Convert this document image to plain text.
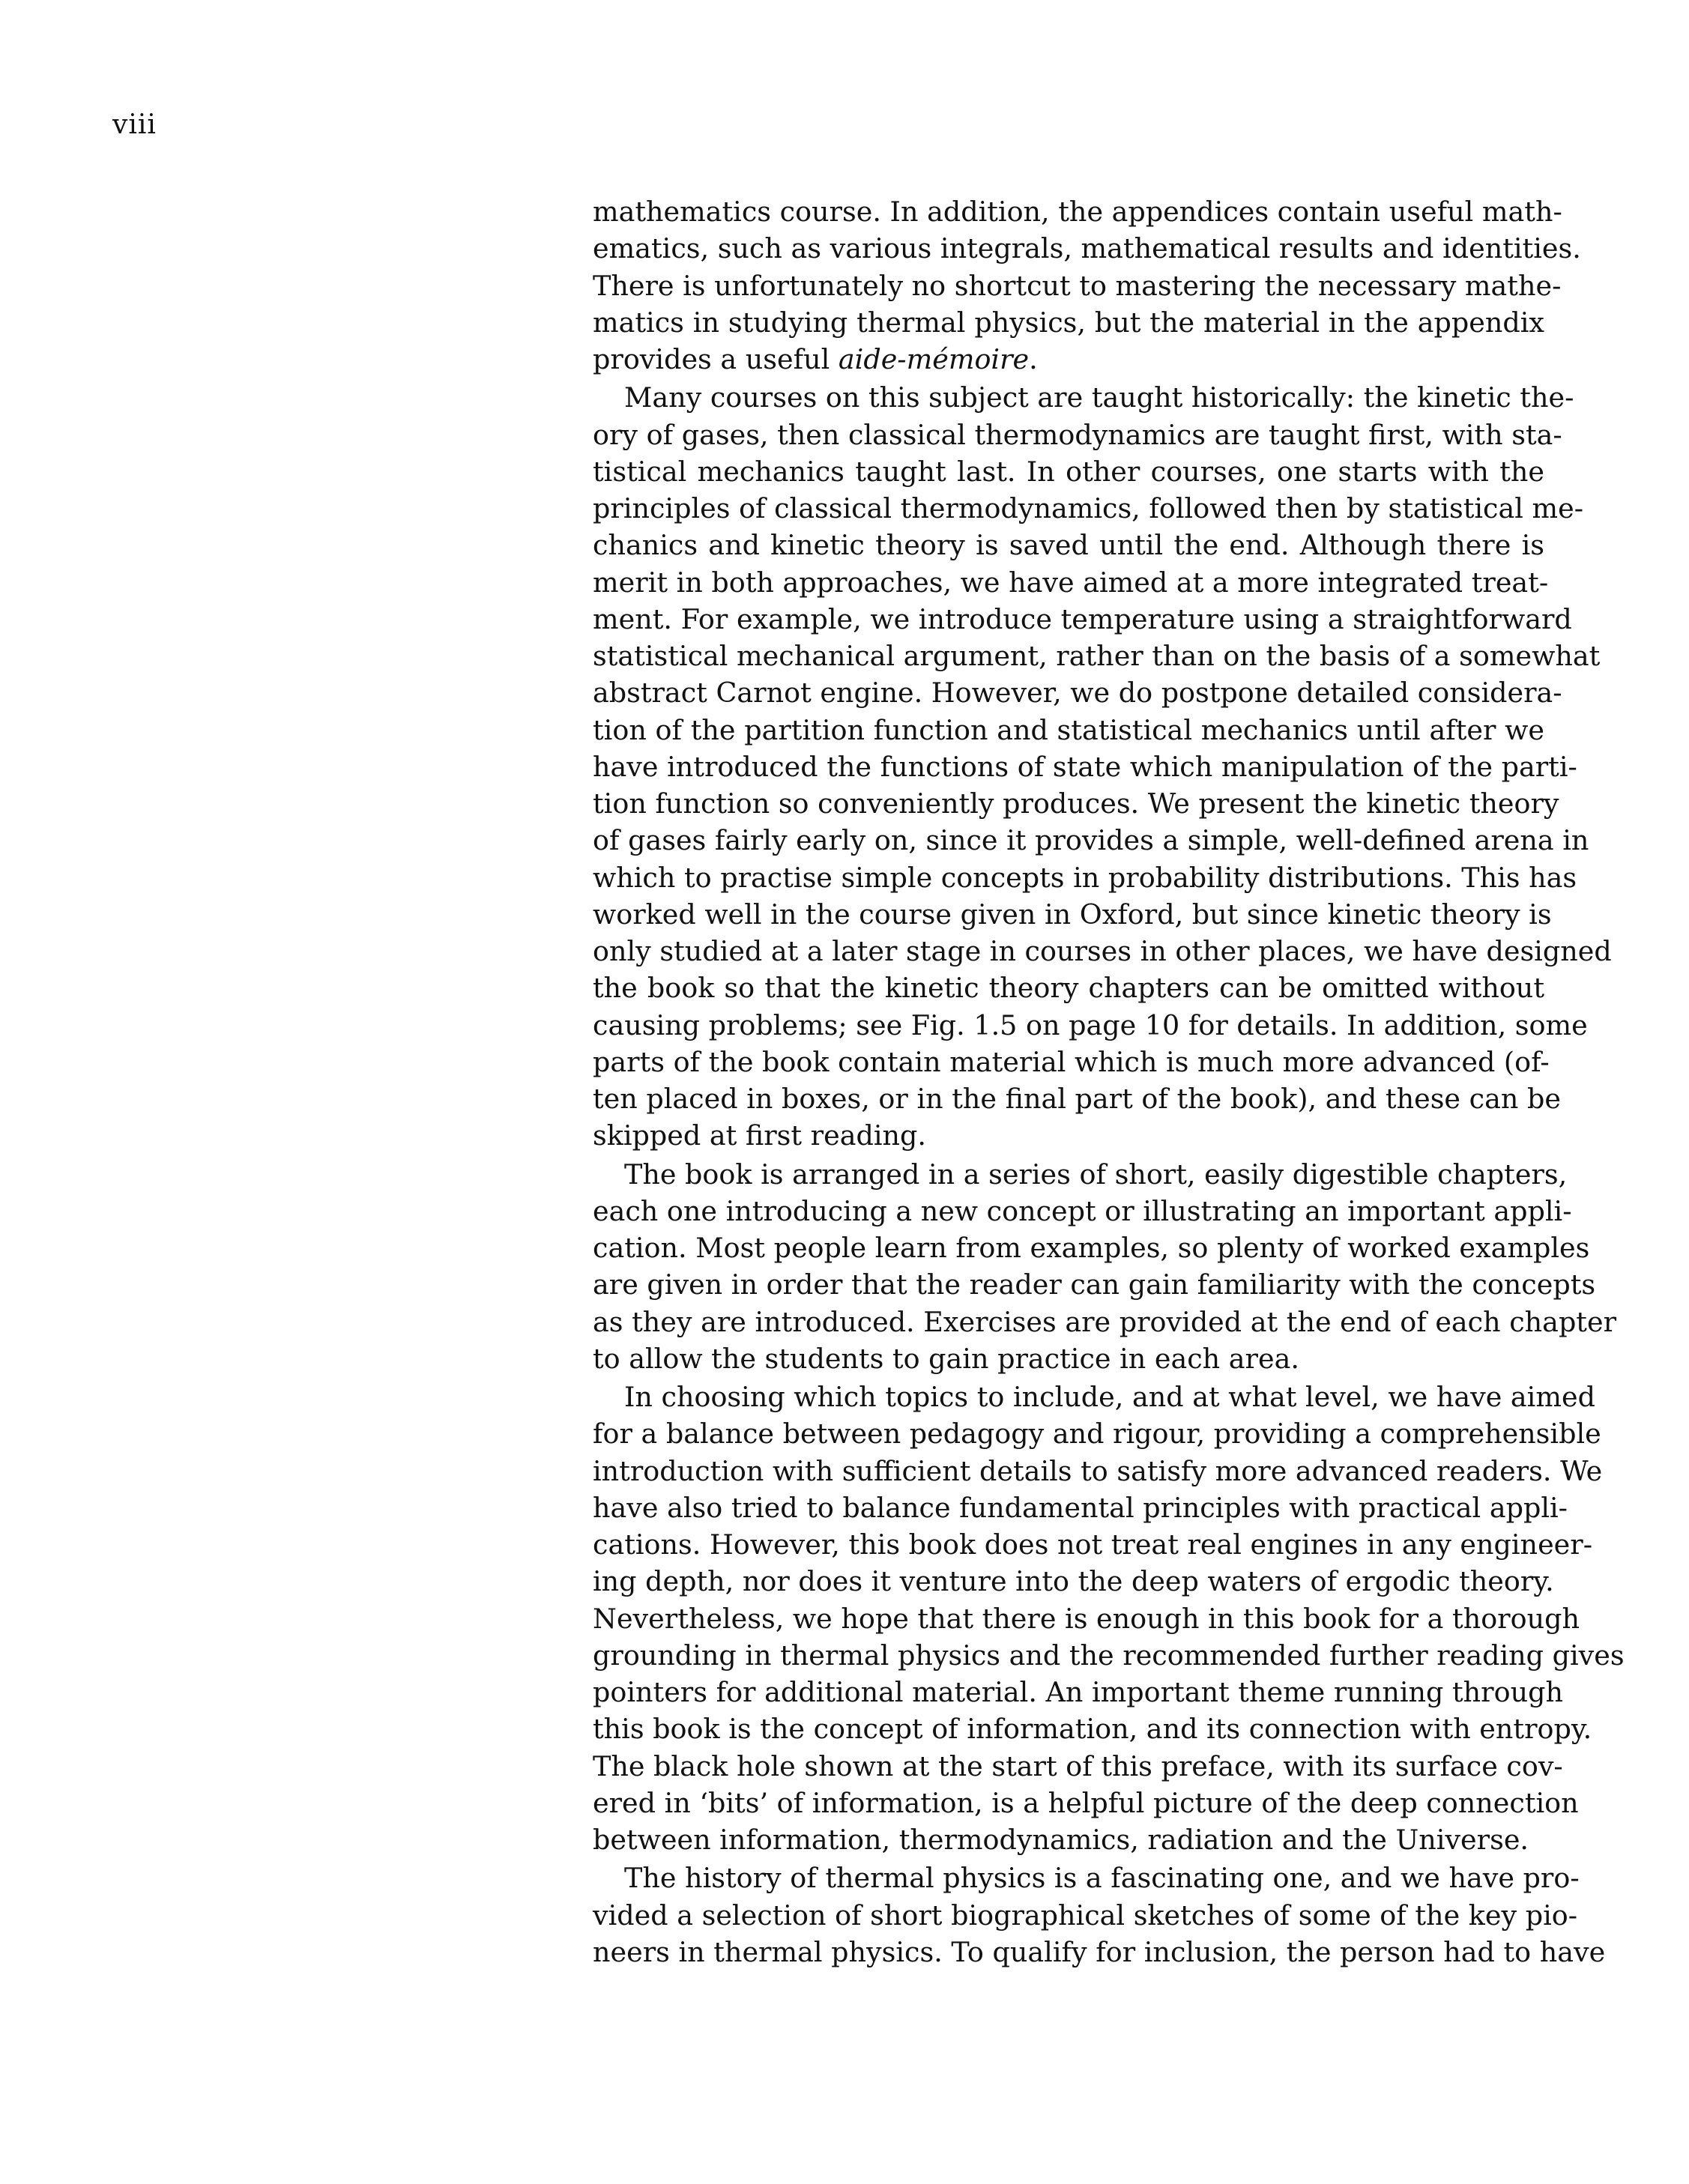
viii
mathematics course. In addition, the appendices contain useful math-
ematics, such as various integrals, mathematical results and identities.
There is unfortunately no shortcut to mastering the necessary mathe-
matics in studying thermal physics, but the material in the appendix
provides a useful aide-mémoire.
Many courses on this subject are taught historically: the kinetic the-
ory of gases, then classical thermodynamics are taught first, with sta-
tistical mechanics taught last. In other courses, one starts with the
principles of classical thermodynamics, followed then by statistical me-
chanics and kinetic theory is saved until the end. Although there is
merit in both approaches, we have aimed at a more integrated treat-
ment. For example, we introduce temperature using a straightforward
statistical mechanical argument, rather than on the basis of a somewhat
abstract Carnot engine. However, we do postpone detailed considera-
tion of the partition function and statistical mechanics until after we
have introduced the functions of state which manipulation of the parti-
tion function so conveniently produces. We present the kinetic theory
of gases fairly early on, since it provides a simple, well-defined arena in
which to practise simple concepts in probability distributions. This has
worked well in the course given in Oxford, but since kinetic theory is
only studied at a later stage in courses in other places, we have designed
the book so that the kinetic theory chapters can be omitted without
causing problems; see Fig. 1.5 on page 10 for details. In addition, some
parts of the book contain material which is much more advanced (of-
ten placed in boxes, or in the final part of the book), and these can be
skipped at first reading.
The book is arranged in a series of short, easily digestible chapters,
each one introducing a new concept or illustrating an important appli-
cation. Most people learn from examples, so plenty of worked examples
are given in order that the reader can gain familiarity with the concepts
as they are introduced. Exercises are provided at the end of each chapter
to allow the students to gain practice in each area.
In choosing which topics to include, and at what level, we have aimed
for a balance between pedagogy and rigour, providing a comprehensible
introduction with sufficient details to satisfy more advanced readers. We
have also tried to balance fundamental principles with practical appli-
cations. However, this book does not treat real engines in any engineer-
ing depth, nor does it venture into the deep waters of ergodic theory.
Nevertheless, we hope that there is enough in this book for a thorough
grounding in thermal physics and the recommended further reading gives
pointers for additional material. An important theme running through
this book is the concept of information, and its connection with entropy.
The black hole shown at the start of this preface, with its surface cov-
ered in ‘bits’ of information, is a helpful picture of the deep connection
between information, thermodynamics, radiation and the Universe.
The history of thermal physics is a fascinating one, and we have pro-
vided a selection of short biographical sketches of some of the key pio-
neers in thermal physics. To qualify for inclusion, the person had to have
